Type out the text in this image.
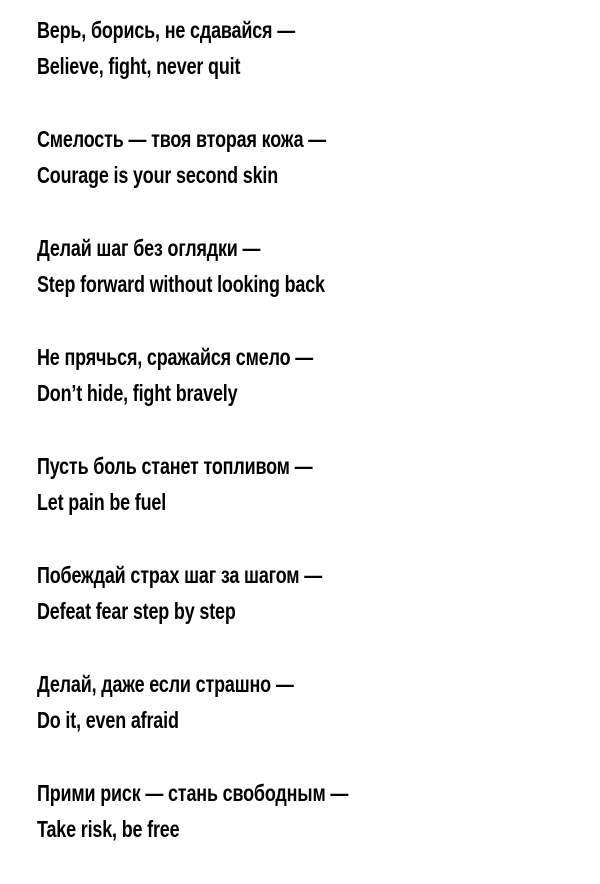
Верь, борись, не сдавайся —
Believe, fight, never quit
Смелость — твоя вторая кожа —
Courage is your second skin
Делай шаг без оглядки —
Step forward without looking back
Не прячься, сражайся смело —
Don’t hide, fight bravely
Пусть боль станет топливом —
Let pain be fuel
Побеждай страх шаг за шагом —
Defeat fear step by step
Делай, даже если страшно —
Do it, even afraid
Прими риск — стань свободным —
Take risk, be free
